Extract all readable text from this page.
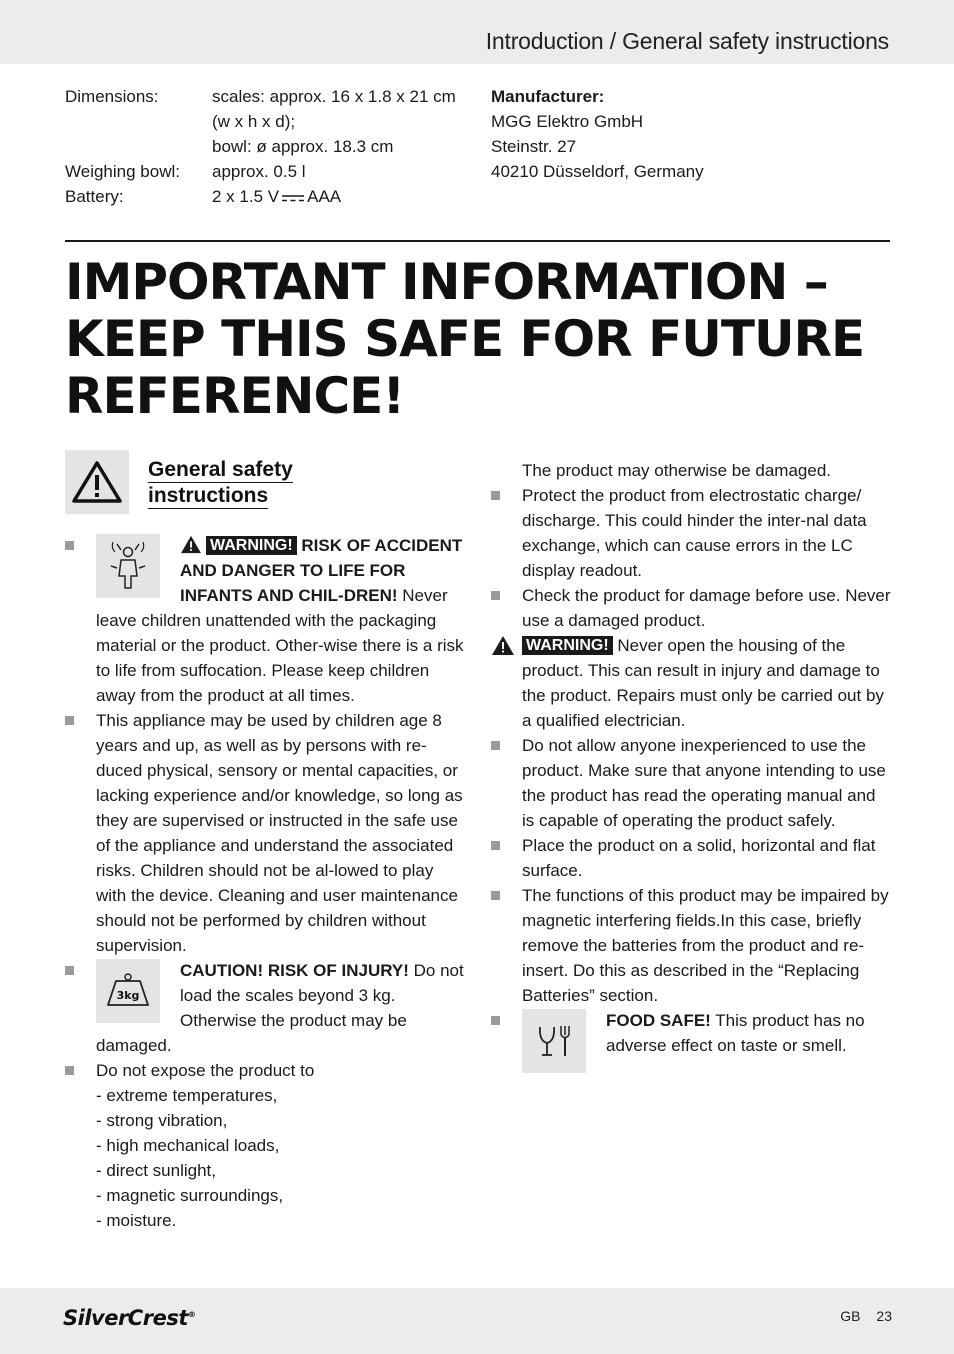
Introduction / General safety instructions
Dimensions:	scales: approx. 16 x 1.8 x 21 cm
(w x h x d);
bowl: ø approx. 18.3 cm
Weighing bowl:	approx. 0.5 l
Battery:	2 x 1.5 V AAA
Manufacturer:
MGG Elektro GmbH
Steinstr. 27
40210 Düsseldorf, Germany
IMPORTANT INFORMATION –
KEEP THIS SAFE FOR FUTURE
REFERENCE!
General safety
instructions
WARNING! RISK OF ACCIDENT AND DANGER TO LIFE FOR INFANTS AND CHIL-DREN! Never leave children unattended with the packaging material or the product. Other-wise there is a risk to life from suffocation. Please keep children away from the product at all times.
This appliance may be used by children age 8 years and up, as well as by persons with re-duced physical, sensory or mental capacities, or lacking experience and/or knowledge, so long as they are supervised or instructed in the safe use of the appliance and understand the associated risks. Children should not be al-lowed to play with the device. Cleaning and user maintenance should not be performed by children without supervision.
3kg
CAUTION! RISK OF INJURY! Do not load the scales beyond 3 kg. Otherwise the product may be damaged.
Do not expose the product to
- extreme temperatures,
- strong vibration,
- high mechanical loads,
- direct sunlight,
- magnetic surroundings,
- moisture.
The product may otherwise be damaged.
Protect the product from electrostatic charge/ discharge. This could hinder the inter-nal data exchange, which can cause errors in the LC display readout.
Check the product for damage before use. Never use a damaged product.
WARNING! Never open the housing of the product. This can result in injury and damage to the product. Repairs must only be carried out by a qualified electrician.
Do not allow anyone inexperienced to use the product. Make sure that anyone intending to use the product has read the operating manual and is capable of operating the product safely.
Place the product on a solid, horizontal and flat surface.
The functions of this product may be impaired by magnetic interfering fields.In this case, briefly remove the batteries from the product and re-insert. Do this as described in the “Replacing Batteries” section.
FOOD SAFE! This product has no adverse effect on taste or smell.
SilverCrest®	GB 23
